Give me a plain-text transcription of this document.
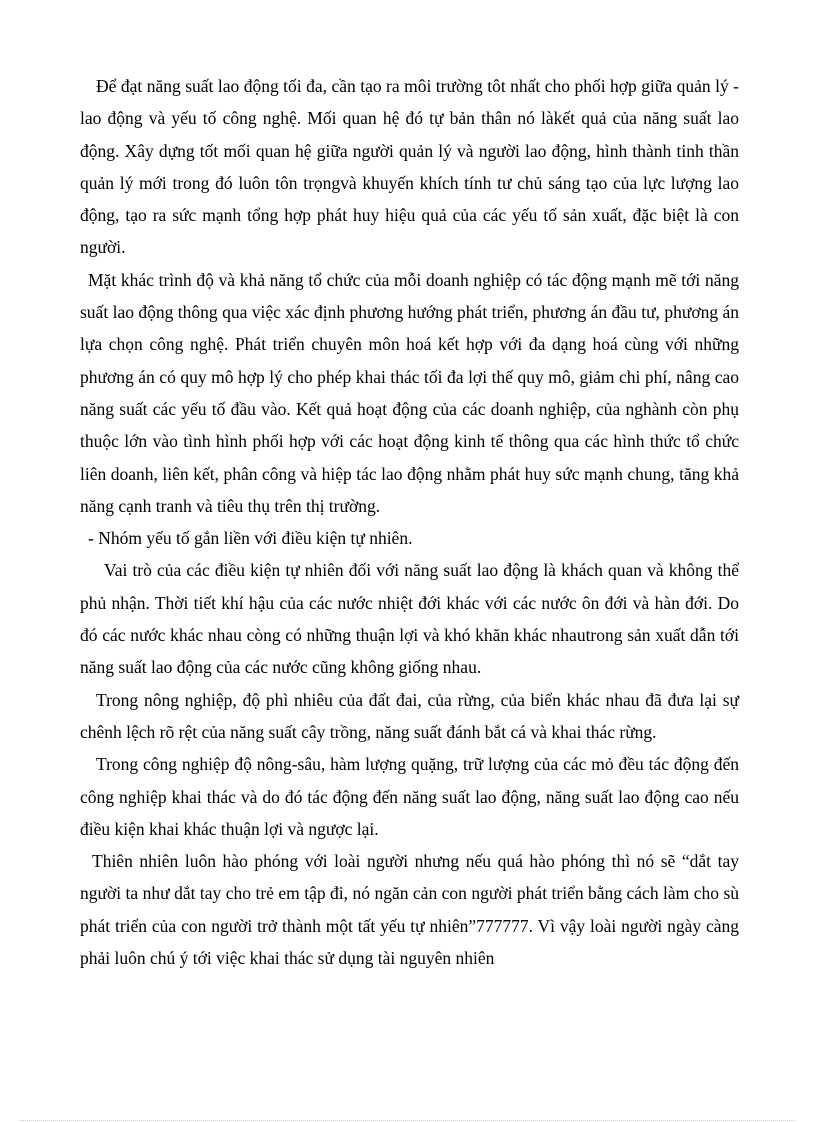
Để đạt năng suất lao động tối đa, cần tạo ra môi trường tôt nhất cho phối hợp giữa quản lý - lao động và yếu tố công nghệ. Mối quan hệ đó tự bản thân nó làkết quả của năng suất lao động. Xây dựng tốt mối quan hệ giữa người quản lý và người lao động, hình thành tinh thần quản lý mới trong đó luôn tôn trọngvà khuyến khích tính tư chủ sáng tạo của lực lượng lao động, tạo ra sức mạnh tổng hợp phát huy hiệu quả của các yếu tố sản xuất, đặc biệt là con người.

Mặt khác trình độ và khả năng tổ chức của mỗi doanh nghiệp có tác động mạnh mẽ tới năng suất lao động thông qua việc xác định phương hướng phát triển, phương án đầu tư, phương án lựa chọn công nghệ. Phát triển chuyên môn hoá kết hợp với đa dạng hoá cùng với những phương án có quy mô hợp lý cho phép khai thác tối đa lợi thế quy mô, giảm chi phí, nâng cao năng suất các yếu tố đầu vào. Kết quả hoạt động của các doanh nghiệp, của nghành còn phụ thuộc lớn vào tình hình phối hợp với các hoạt động kinh tế thông qua các hình thức tổ chức liên doanh, liên kết, phân công và hiệp tác lao động nhằm phát huy sức mạnh chung, tăng khả năng cạnh tranh và tiêu thụ trên thị trường.

- Nhóm yếu tố gắn liền với điều kiện tự nhiên.

Vai trò của các điều kiện tự nhiên đối với năng suất lao động là khách quan và không thể phủ nhận. Thời tiết khí hậu của các nước nhiệt đới khác với các nước ôn đới và hàn đới. Do đó các nước khác nhau còng có những thuận lợi và khó khăn khác nhautrong sản xuất dẫn tới năng suất lao động của các nước cũng không giống nhau.

Trong nông nghiệp, độ phì nhiêu của đất đai, của rừng, của biển khác nhau đã đưa lại sự chênh lệch rõ rệt của năng suất cây trồng, năng suất đánh bắt cá và khai thác rừng.

Trong công nghiệp độ nông-sâu, hàm lượng quặng, trữ lượng của các mỏ đều tác động đến công nghiệp khai thác và do đó tác động đến năng suất lao động, năng suất lao động cao nếu điều kiện khai khác thuận lợi và ngược lại.

Thiên nhiên luôn hào phóng với loài người nhưng nếu quá hào phóng thì nó sẽ “dắt tay người ta như dắt tay cho trẻ em tập đi, nó ngăn cản con người phát triển bằng cách làm cho sù phát triển của con người trở thành một tất yếu tự nhiên”777777. Vì vậy loài người ngày càng phải luôn chú ý tới việc khai thác sử dụng tài nguyên nhiên
